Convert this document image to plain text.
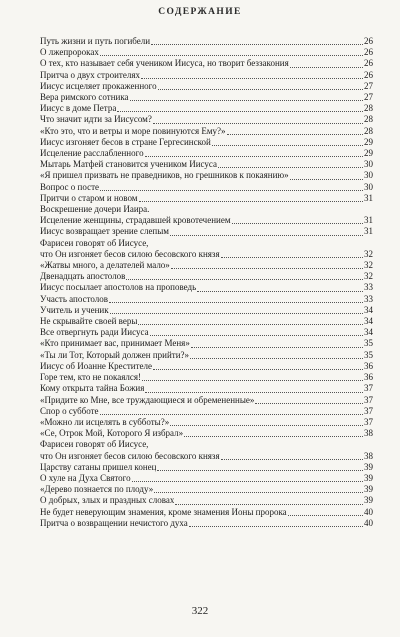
СОДЕРЖАНИЕ
Путь жизни и путь погибели	26
О лжепророках	26
О тех, кто называет себя учеником Иисуса, но творит беззакония	26
Притча о двух строителях	26
Иисус исцеляет прокаженного	27
Вера римского сотника	27
Иисус в доме Петра	28
Что значит идти за Иисусом?	28
«Кто это, что и ветры и море повинуются Ему?»	28
Иисус изгоняет бесов в стране Гергесинской	29
Исцеление расслабленного	29
Мытарь Матфей становится учеником Иисуса	30
«Я пришел призвать не праведников, но грешников к покаянию»	30
Вопрос о посте	30
Притчи о старом и новом	31
Воскрешение дочери Иаира.
Исцеление женщины, страдавшей кровотечением	31
Иисус возвращает зрение слепым	31
Фарисеи говорят об Иисусе,
что Он изгоняет бесов силою бесовского князя	32
«Жатвы много, а делателей мало»	32
Двенадцать апостолов	32
Иисус посылает апостолов на проповедь	33
Участь апостолов	33
Учитель и ученик	34
Не скрывайте своей веры	34
Все отвергнуть ради Иисуса	34
«Кто принимает вас, принимает Меня»	35
«Ты ли Тот, Который должен прийти?»	35
Иисус об Иоанне Крестителе	36
Горе тем, кто не покаялся!	36
Кому открыта тайна Божия	37
«Придите ко Мне, все труждающиеся и обремененные»	37
Спор о субботе	37
«Можно ли исцелять в субботы?»	37
«Се, Отрок Мой, Которого Я избрал»	38
Фарисеи говорят об Иисусе,
что Он изгоняет бесов силою бесовского князя	38
Царству сатаны пришел конец	39
О хуле на Духа Святого	39
«Дерево познается по плоду»	39
О добрых, злых и праздных словах	39
Не будет неверующим знамения, кроме знамения Ионы пророка	40
Притча о возвращении нечистого духа	40
322
